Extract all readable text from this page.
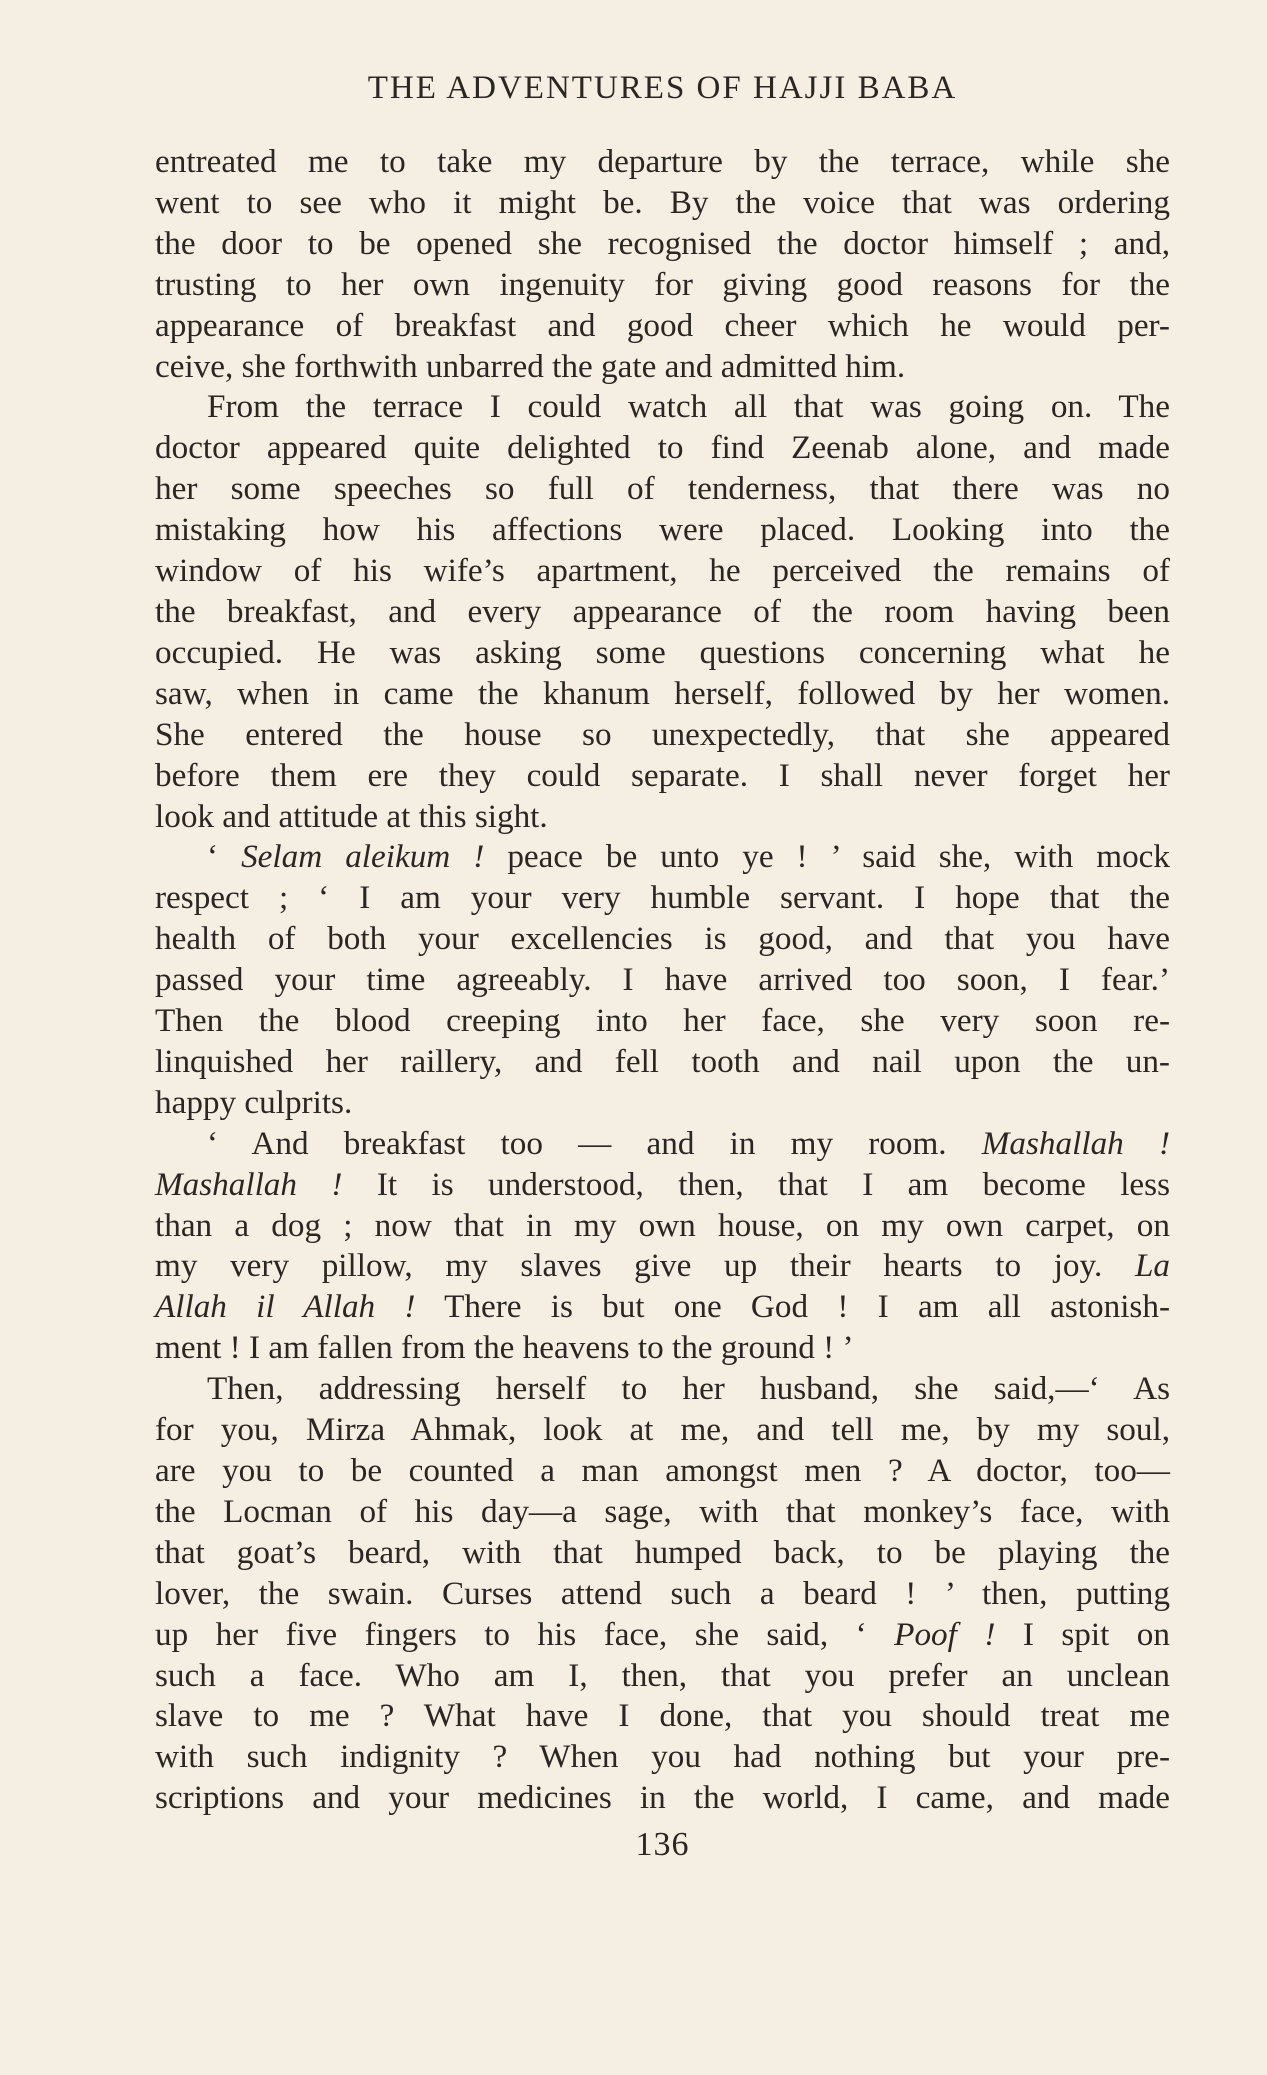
THE ADVENTURES OF HAJJI BABA
entreated me to take my departure by the terrace, while she
went to see who it might be. By the voice that was ordering
the door to be opened she recognised the doctor himself ; and,
trusting to her own ingenuity for giving good reasons for the
appearance of breakfast and good cheer which he would per-
ceive, she forthwith unbarred the gate and admitted him.
From the terrace I could watch all that was going on. The
doctor appeared quite delighted to find Zeenab alone, and made
her some speeches so full of tenderness, that there was no
mistaking how his affections were placed. Looking into the
window of his wife’s apartment, he perceived the remains of
the breakfast, and every appearance of the room having been
occupied. He was asking some questions concerning what he
saw, when in came the khanum herself, followed by her women.
She entered the house so unexpectedly, that she appeared
before them ere they could separate. I shall never forget her
look and attitude at this sight.
‘ Selam aleikum ! peace be unto ye ! ’ said she, with mock
respect ; ‘ I am your very humble servant. I hope that the
health of both your excellencies is good, and that you have
passed your time agreeably. I have arrived too soon, I fear.’
Then the blood creeping into her face, she very soon re-
linquished her raillery, and fell tooth and nail upon the un-
happy culprits.
‘ And breakfast too — and in my room. Mashallah !
Mashallah ! It is understood, then, that I am become less
than a dog ; now that in my own house, on my own carpet, on
my very pillow, my slaves give up their hearts to joy. La
Allah il Allah ! There is but one God ! I am all astonish-
ment ! I am fallen from the heavens to the ground ! ’
Then, addressing herself to her husband, she said,—‘ As
for you, Mirza Ahmak, look at me, and tell me, by my soul,
are you to be counted a man amongst men ? A doctor, too—
the Locman of his day—a sage, with that monkey’s face, with
that goat’s beard, with that humped back, to be playing the
lover, the swain. Curses attend such a beard ! ’ then, putting
up her five fingers to his face, she said, ‘ Poof ! I spit on
such a face. Who am I, then, that you prefer an unclean
slave to me ? What have I done, that you should treat me
with such indignity ? When you had nothing but your pre-
scriptions and your medicines in the world, I came, and made
136
